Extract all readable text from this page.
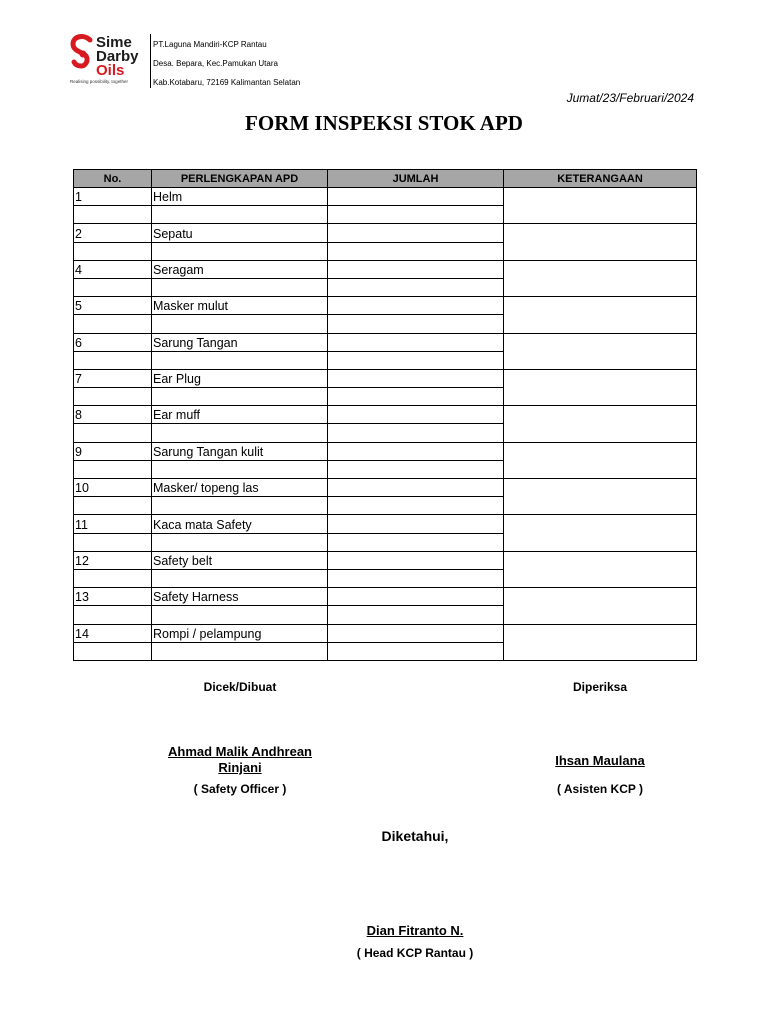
Sime
Darby
Oils
Realising possibility, together
PT.Laguna Mandiri-KCP Rantau
Desa. Bepara, Kec.Pamukan Utara
Kab.Kotabaru, 72169 Kalimantan Selatan
Jumat/23/Februari/2024
FORM INSPEKSI STOK APD
No.	PERLENGKAPAN APD	JUMLAH	KETERANGAAN
1	Helm		

2	Sepatu		

4	Seragam		

5	Masker mulut		

6	Sarung Tangan		

7	Ear Plug		

8	Ear muff		

9	Sarung Tangan kulit		

10	Masker/ topeng las		

11	Kaca mata Safety		

12	Safety belt		

13	Safety Harness		

14	Rompi / pelampung		

Dicek/Dibuat	Diperiksa
Ahmad Malik Andhrean
Rinjani
( Safety Officer )
Ihsan Maulana
( Asisten KCP )
Diketahui,
Dian Fitranto N.
( Head KCP Rantau )
